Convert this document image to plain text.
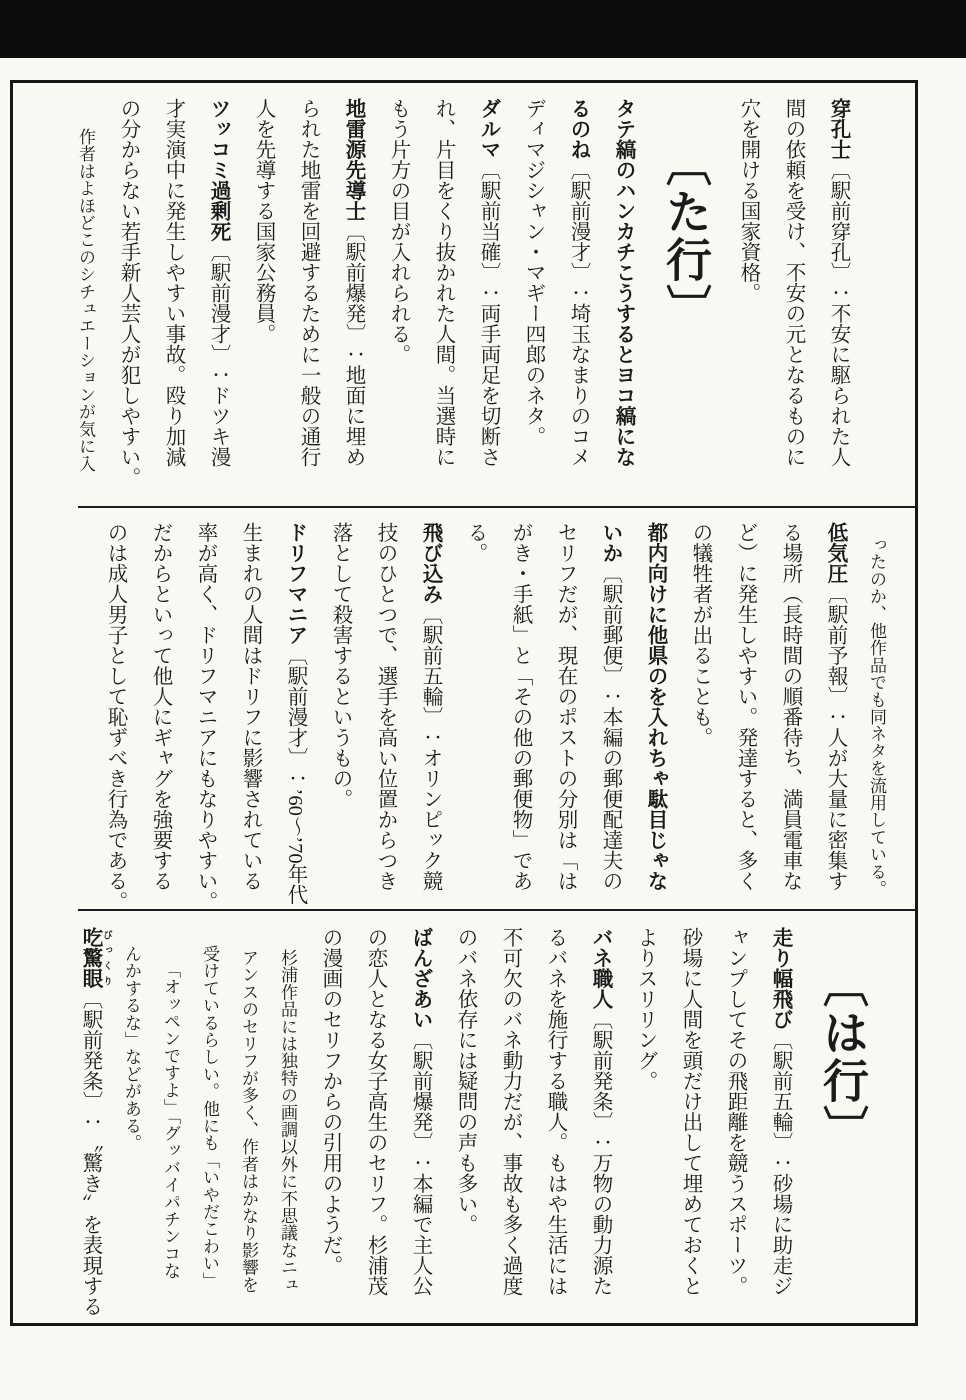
穿孔士〔駅前穿孔〕：不安に駆られた人
間の依頼を受け、不安の元となるものに
穴を開ける国家資格。
〔た行〕
タテ縞のハンカチこうするとヨコ縞にな
るのね〔駅前漫才〕：埼玉なまりのコメ
ディマジシャン・マギー四郎のネタ。
ダルマ〔駅前当確〕：両手両足を切断さ
れ、片目をくり抜かれた人間。当選時に
もう片方の目が入れられる。
地雷源先導士〔駅前爆発〕：地面に埋め
られた地雷を回避するために一般の通行
人を先導する国家公務員。
ツッコミ過剰死〔駅前漫才〕：ドツキ漫
才実演中に発生しやすい事故。殴り加減
の分からない若手新人芸人が犯しやすい。
作者はよほどこのシチュエーションが気に入
ったのか、他作品でも同ネタを流用している。
低気圧〔駅前予報〕：人が大量に密集す
る場所（長時間の順番待ち、満員電車な
ど）に発生しやすい。発達すると、多く
の犠牲者が出ることも。
都内向けに他県のを入れちゃ駄目じゃな
いか〔駅前郵便〕：本編の郵便配達夫の
セリフだが、現在のポストの分別は「は
がき・手紙」と「その他の郵便物」であ
る。
飛び込み〔駅前五輪〕：オリンピック競
技のひとつで、選手を高い位置からつき
落として殺害するというもの。
ドリフマニア〔駅前漫才〕：’60～’70年代
生まれの人間はドリフに影響されている
率が高く、ドリフマニアにもなりやすい。
だからといって他人にギャグを強要する
のは成人男子として恥ずべき行為である。
〔は行〕
走り幅飛び〔駅前五輪〕：砂場に助走ジ
ャンプしてその飛距離を競うスポーツ。
砂場に人間を頭だけ出して埋めておくと
よりスリリング。
バネ職人〔駅前発条〕：万物の動力源た
るバネを施行する職人。もはや生活には
不可欠のバネ動力だが、事故も多く過度
のバネ依存には疑問の声も多い。
ばんざあい〔駅前爆発〕：本編で主人公
の恋人となる女子高生のセリフ。杉浦茂
の漫画のセリフからの引用のようだ。
杉浦作品には独特の画調以外に不思議なニュ
アンスのセリフが多く、作者はかなり影響を
受けているらしい。他にも「いやだこわい」
「オッペンですよ」「グッバイパチンコな
んかするな」などがある。
吃驚眼 びっくり〔駅前発条〕：〝驚き〟を表現する
